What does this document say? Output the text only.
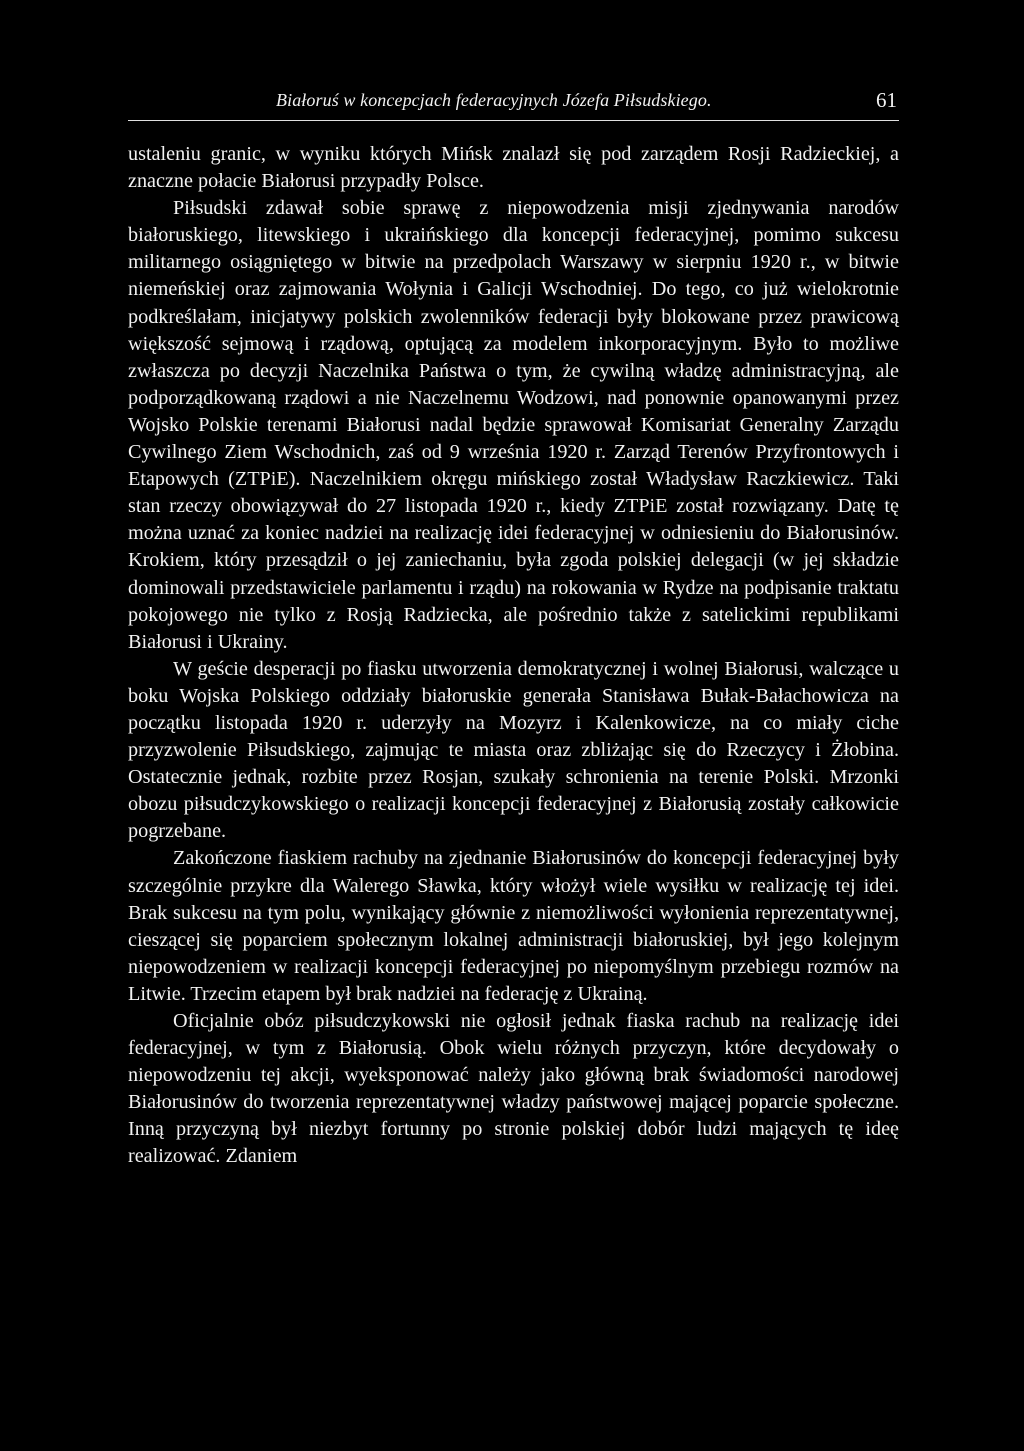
Białoruś w koncepcjach federacyjnych Józefa Piłsudskiego.	61

ustaleniu granic, w wyniku których Mińsk znalazł się pod zarządem Rosji Radzieckiej, a znaczne połacie Białorusi przypadły Polsce.

Piłsudski zdawał sobie sprawę z niepowodzenia misji zjednywania narodów białoruskiego, litewskiego i ukraińskiego dla koncepcji federacyjnej, pomimo sukcesu militarnego osiągniętego w bitwie na przedpolach Warszawy w sierpniu 1920 r., w bitwie niemeńskiej oraz zajmowania Wołynia i Galicji Wschodniej. Do tego, co już wielokrotnie podkreślałam, inicjatywy polskich zwolenników federacji były blokowane przez prawicową większość sejmową i rządową, optującą za modelem inkorporacyjnym. Było to możliwe zwłaszcza po decyzji Naczelnika Państwa o tym, że cywilną władzę administracyjną, ale podporządkowaną rządowi a nie Naczelnemu Wodzowi, nad ponownie opanowanymi przez Wojsko Polskie terenami Białorusi nadal będzie sprawował Komisariat Generalny Zarządu Cywilnego Ziem Wschodnich, zaś od 9 września 1920 r. Zarząd Terenów Przyfrontowych i Etapowych (ZTPiE). Naczelnikiem okręgu mińskiego został Władysław Raczkiewicz. Taki stan rzeczy obowiązywał do 27 listopada 1920 r., kiedy ZTPiE został rozwiązany. Datę tę można uznać za koniec nadziei na realizację idei federacyjnej w odniesieniu do Białorusinów. Krokiem, który przesądził o jej zaniechaniu, była zgoda polskiej delegacji (w jej składzie dominowali przedstawiciele parlamentu i rządu) na rokowania w Rydze na podpisanie traktatu pokojowego nie tylko z Rosją Radziecka, ale pośrednio także z satelickimi republikami Białorusi i Ukrainy.

W geście desperacji po fiasku utworzenia demokratycznej i wolnej Białorusi, walczące u boku Wojska Polskiego oddziały białoruskie generała Stanisława Bułak-Bałachowicza na początku listopada 1920 r. uderzyły na Mozyrz i Kalenkowicze, na co miały ciche przyzwolenie Piłsudskiego, zajmując te miasta oraz zbliżając się do Rzeczycy i Żłobina. Ostatecznie jednak, rozbite przez Rosjan, szukały schronienia na terenie Polski. Mrzonki obozu piłsudczykowskiego o realizacji koncepcji federacyjnej z Białorusią zostały całkowicie pogrzebane.

Zakończone fiaskiem rachuby na zjednanie Białorusinów do koncepcji federacyjnej były szczególnie przykre dla Walerego Sławka, który włożył wiele wysiłku w realizację tej idei. Brak sukcesu na tym polu, wynikający głównie z niemożliwości wyłonienia reprezentatywnej, cieszącej się poparciem społecznym lokalnej administracji białoruskiej, był jego kolejnym niepowodzeniem w realizacji koncepcji federacyjnej po niepomyślnym przebiegu rozmów na Litwie. Trzecim etapem był brak nadziei na federację z Ukrainą.

Oficjalnie obóz piłsudczykowski nie ogłosił jednak fiaska rachub na realizację idei federacyjnej, w tym z Białorusią. Obok wielu różnych przyczyn, które decydowały o niepowodzeniu tej akcji, wyeksponować należy jako główną brak świadomości narodowej Białorusinów do tworzenia reprezentatywnej władzy państwowej mającej poparcie społeczne. Inną przyczyną był niezbyt fortunny po stronie polskiej dobór ludzi mających tę ideę realizować. Zdaniem
